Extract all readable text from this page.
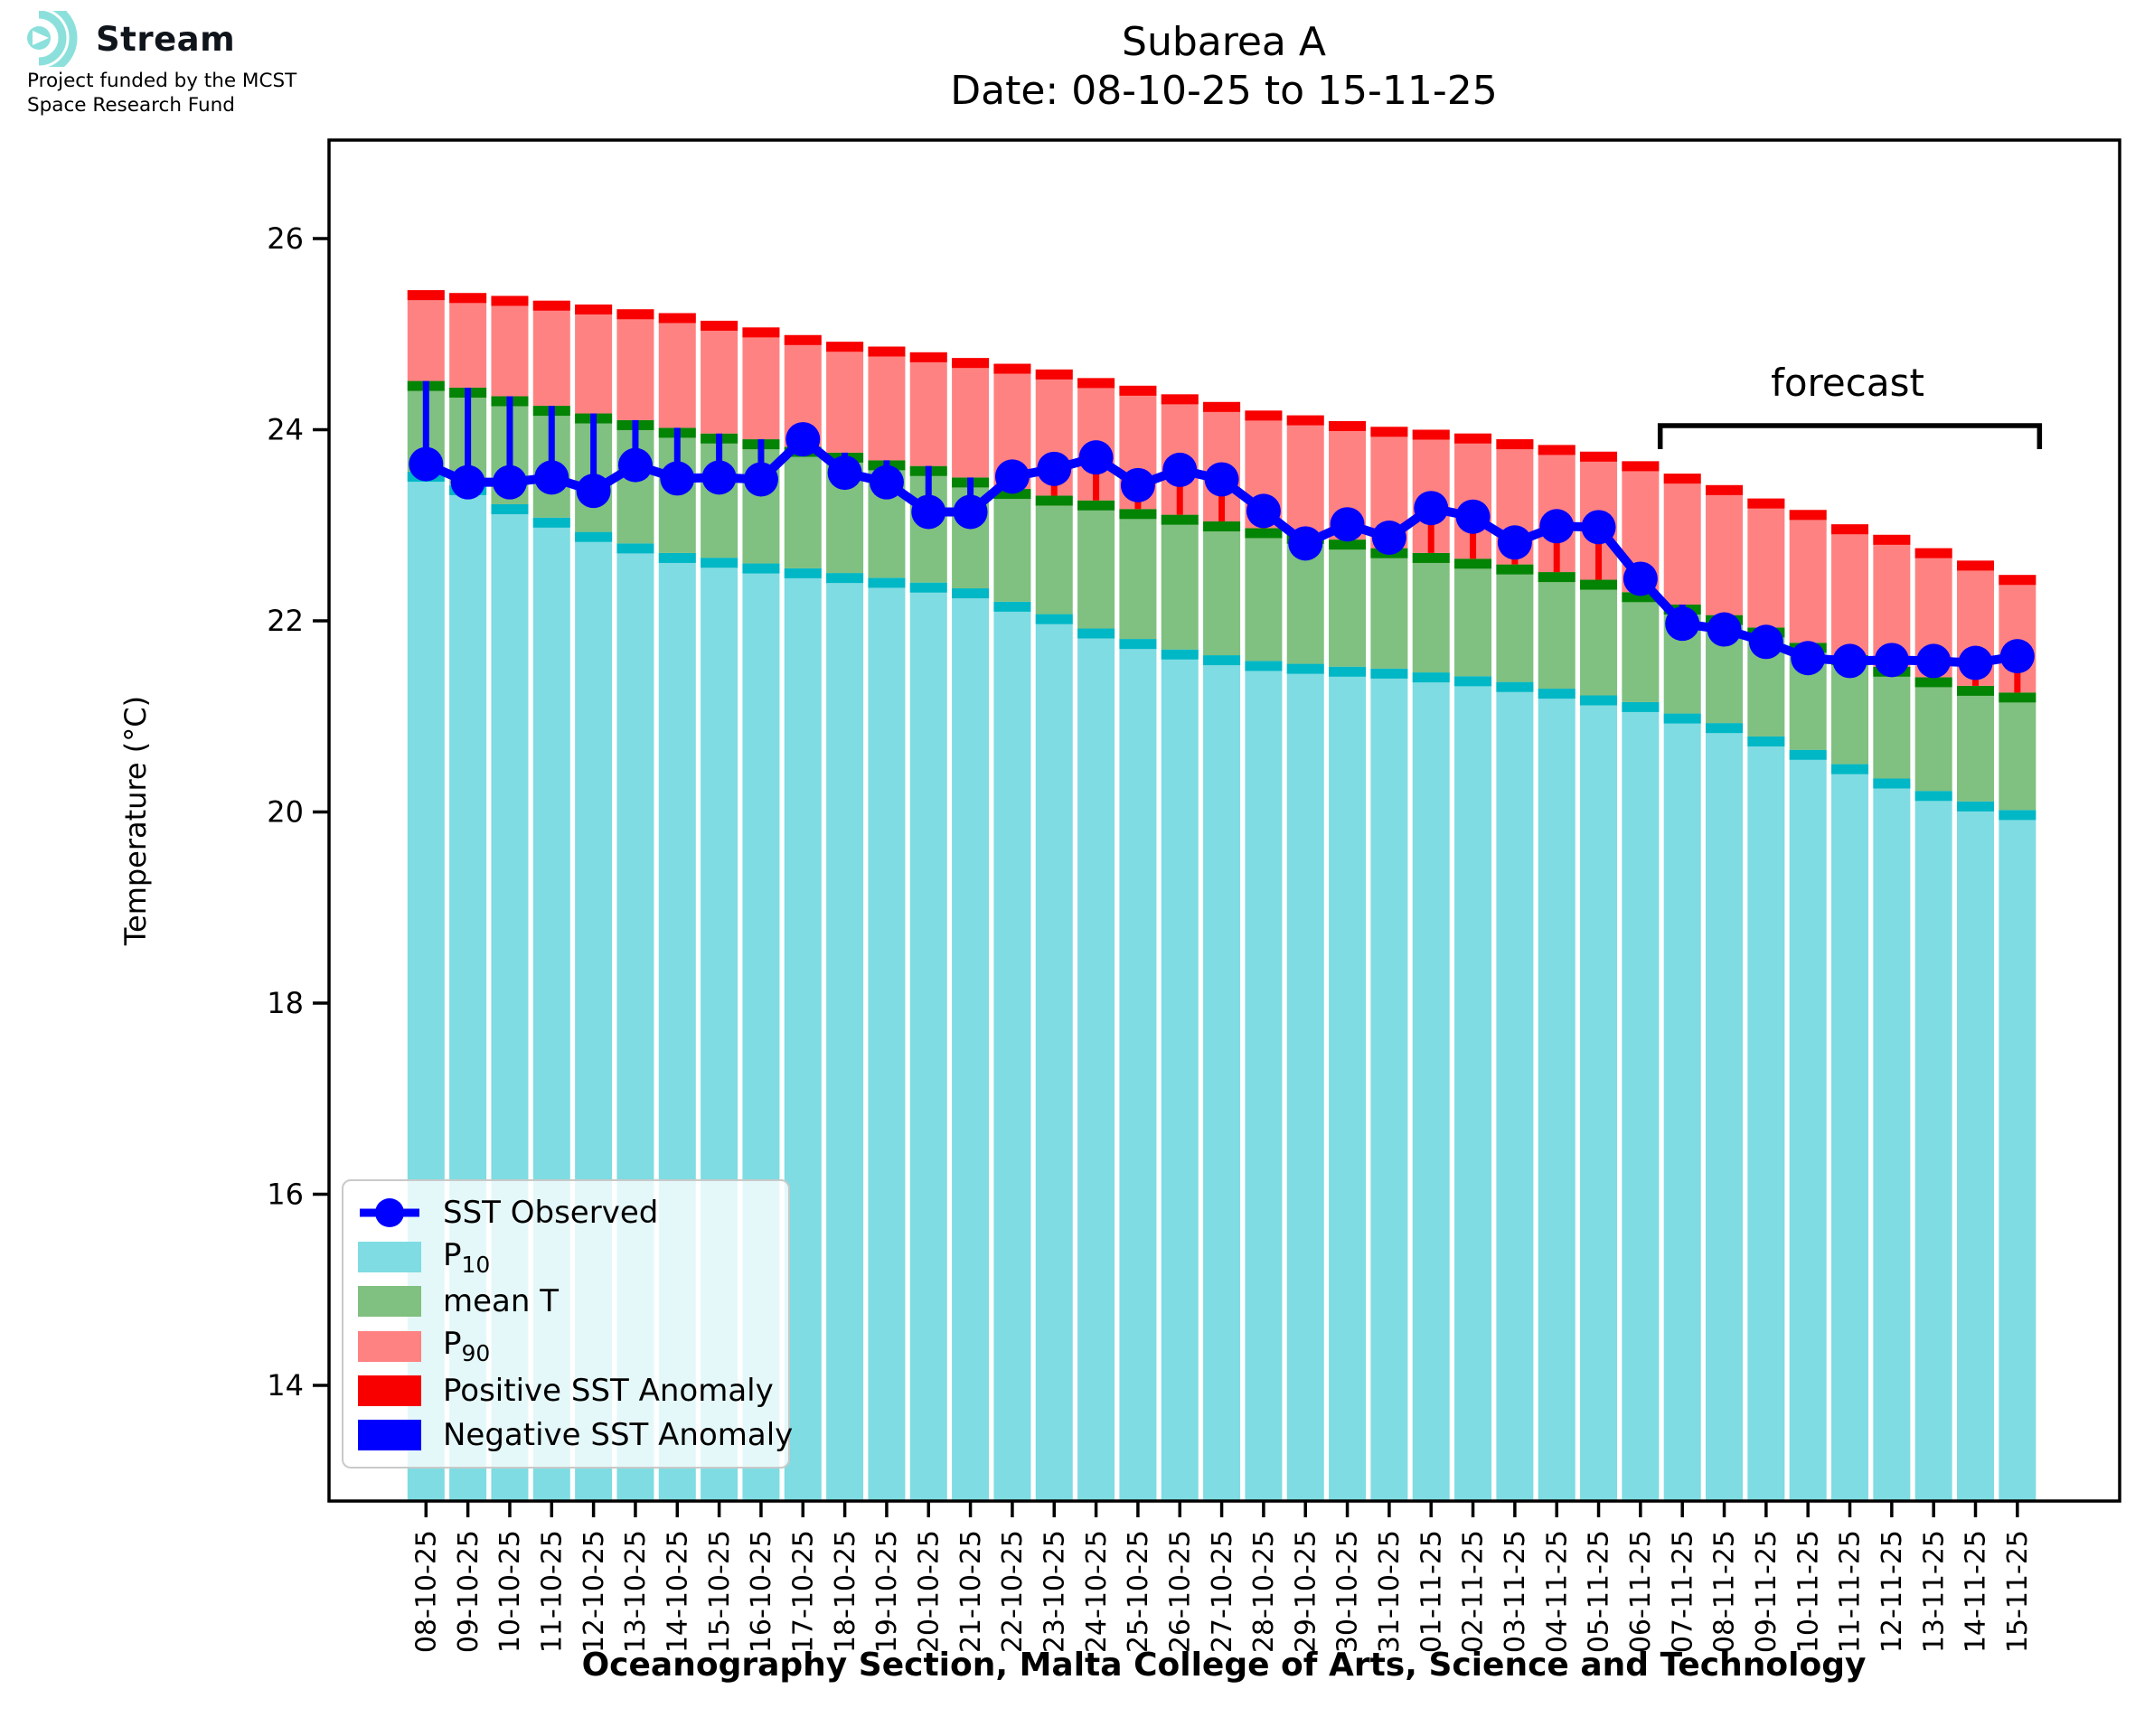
14
16
18
20
22
24
26
08-10-25 09-10-25 10-10-25 11-10-25 12-10-25 13-10-25 14-10-25 15-10-25 16-10-25 17-10-25 18-10-25 19-10-25 20-10-25 21-10-25 22-10-25 23-10-25 24-10-25 25-10-25 26-10-25 27-10-25 28-10-25 29-10-25 30-10-25 31-10-25 01-11-25 02-11-25 03-11-25 04-11-25 05-11-25 06-11-25 07-11-25 08-11-25 09-11-25 10-11-25 11-11-25 12-11-25 13-11-25 14-11-25 15-11-25
Stream
Project funded by the MCST
Space Research Fund
Subarea A
Date: 08-10-25 to 15-11-25
Temperature (°C)
Oceanography Section, Malta College of Arts, Science and Technology
forecast
SST Observed
$P_{10}$
mean T
$P_{90}$
Positive SST Anomaly
Negative SST Anomaly
